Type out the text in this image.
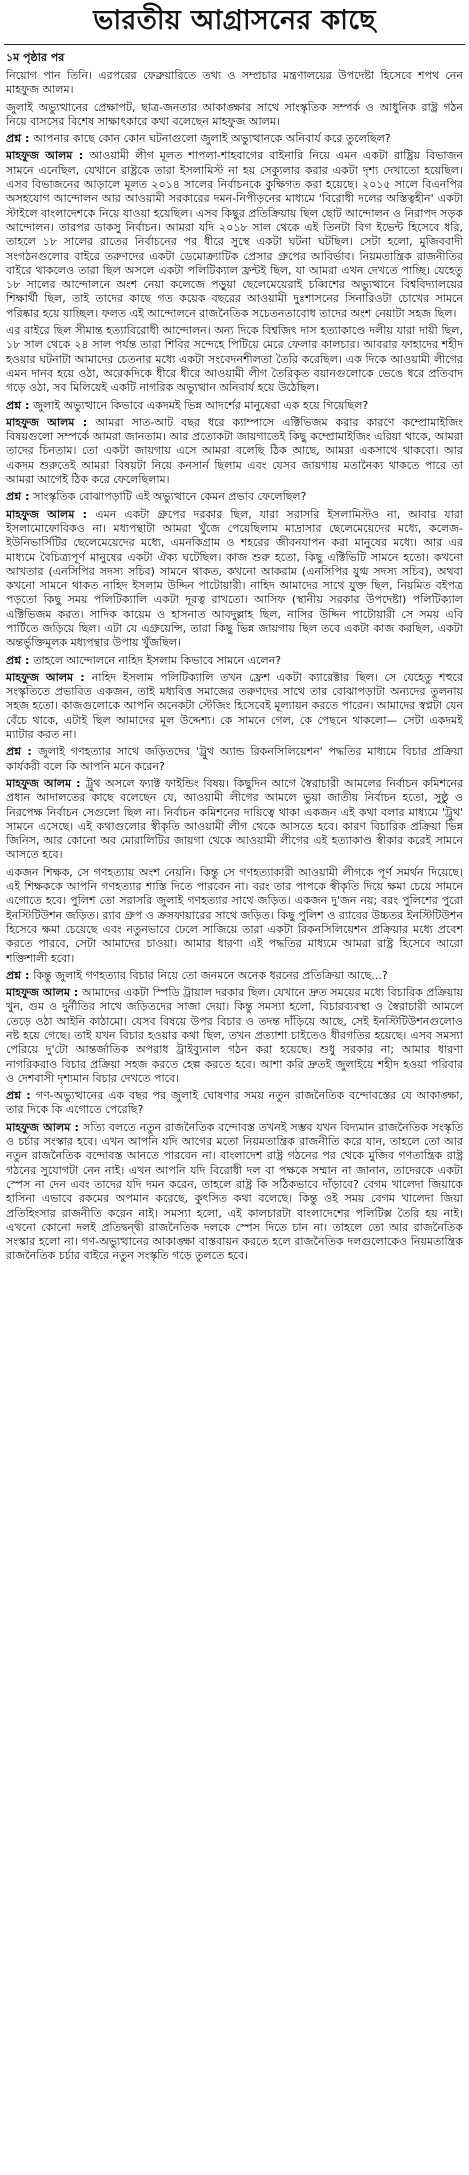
ভারতীয় আগ্রাসনের কাছে
১ম পৃষ্ঠার পর

নিয়োগ পান তিনি। এরপরের ফেব্রুয়ারিতে তথ্য ও সম্প্রচার মন্ত্রণালয়ের উপদেষ্টা হিসেবে শপথ নেন মাহফুজ আলম।

জুলাই অভ্যুত্থানের প্রেক্ষাপট, ছাত্র-জনতার আকাঙ্ক্ষার সাথে সাংস্কৃতিক সম্পর্ক ও আধুনিক রাষ্ট্র গঠন নিয়ে বাসসের বিশেষ সাক্ষাৎকারে কথা বলেছেন মাহফুজ আলম।

প্রশ্ন : আপনার কাছে কোন কোন ঘটনাগুলো জুলাই অভ্যুত্থানকে অনিবার্য করে তুলেছিল?

মাহফুজ আলম : আওয়ামী লীগ মূলত শাপলা-শাহবাগের বাইনারি নিয়ে এমন একটা রাষ্ট্রিয় বিভাজন সামনে এনেছিল, যেখানে রাষ্ট্রকে তারা ইসলামিস্ট না হয় সেক্যুলার করার একটা দৃশ্য দেখাতো হয়েছিল। এসব বিভাজনের আড়ালে মূলত ২০১৪ সালের নির্বাচনকে কুক্ষিগত করা হয়েছে। ২০১৫ সালে বিএনপির অসহযোগ আন্দোলন আর আওয়ামী সরকারের দমন-নিপীড়নের মাধ্যমে 'বিরোধী দলের অস্তিত্বহীন' একটা স্টাইলে বাংলাদেশকে নিয়ে যাওয়া হয়েছিল। এসব কিছুর প্রতিক্রিয়ায় ছিল ছোট আন্দোলন ও নিরাপদ সড়ক আন্দোলন। তারপর ডাকসু নির্বাচন। আমরা যদি ২০১৮ সাল থেকে এই তিনটা বিগ ইভেন্ট হিসেবে ধরি, তাহলে ১৮ সালের রাতের নির্বাচনের পর ধীরে সুস্থে একটা ঘটনা ঘটছিল। সেটা হলো, মুজিববাদী সংগঠনগুলোর বাইরে তরুণদের একটা ডেমোক্র্যাটিক প্রেসার গ্রুপের আবির্ভাব। নিয়মতান্ত্রিক রাজনীতির বাইরে থাকলেও তারা ছিল অসলে একটা পলিটিক্যাল ফ্রন্টই ছিল, যা আমরা এখন দেখতে পাচ্ছি। যেহেতু ১৮ সালের আন্দোলনে অংশ নেয়া কলেজে পড়ুয়া ছেলেমেয়েরাই চব্বিশের অভ্যুত্থানে বিশ্ববিদ্যালয়ের শিক্ষার্থী ছিল, তাই তাদের কাছে গত কয়েক বছরের আওয়ামী দুঃশাসনের সিনারিওটা চোখের সামনে পরিষ্কার হয়ে যাচ্ছিল। ফলত এই আন্দোলনে রাজনৈতিক সচেতনতাবোধ তাদের অংশ নেয়াটা সহজ ছিল।

এর বাইরে ছিল সীমান্ত হত্যাবিরোধী আন্দোলন। অন্য দিকে বিশ্বজিৎ দাস হত্যাকাণ্ডে দলীয় যারা দায়ী ছিল, ১৮ সাল থেকে ২৪ সাল পর্যন্ত তারা শিবির সন্দেহে পিটিয়ে মেরে ফেলার কালচার। আবরার ফাহাদের শহীদ হওয়ার ঘটনাটা আমাদের চেতনার মধ্যে একটা সংবেদনশীলতা তৈরি করেছিল। এক দিকে আওয়ামী লীগের এমন দানব হয়ে ওঠা, অরেকদিকে ধীরে ধীরে আওয়ামী লীগ তৈরিকৃত বয়ানগুলোকে ভেঙে ধরে প্রতিবাদ গড়ে ওঠা, সব মিলিয়েই একটি নাগরিক অভ্যুত্থান অনিবার্য হয়ে উঠেছিল।

প্রশ্ন : জুলাই অভ্যুত্থানে কিভাবে একদমই ভিন্ন আদর্শের মানুষেরা এক হয়ে গিয়েছিল?

মাহফুজ আলম : আমরা সাত-আট বছর ধরে ক্যাম্পাসে এক্টিভিজম করার কারণে কম্প্রোমাইজিং বিষয়গুলো সম্পর্কে আমরা জানতাম। আর প্রত্যেকটা জায়গাতেই কিছু কম্প্রোমাইজিং এরিয়া থাকে, আমরা তাদের চিনতাম। তো একটা জায়গায় এসে আমরা বলেছি ঠিক আছে, আমরা একসাথে থাকবো। আর একদম শুরুতেই আমরা বিষয়টা নিয়ে কনসার্ন ছিলাম এবং যেসব জায়গায় মতানৈক্য থাকতে পারে তা আমরা আগেই ঠিক করে ফেলেছিলাম।

প্রশ্ন : সাংস্কৃতিক বোঝাপড়াটি এই অভ্যুত্থানে কেমন প্রভাব ফেলেছিল?

মাহফুজ আলম : এমন একটা গ্রুপের দরকার ছিল, যারা সরাসরি ইসলামিস্টও না, আবার যারা ইসলামোফোবিকও না। মধ্যপন্থাটা আমরা খুঁজে পেয়েছিলাম মাদ্রাসার ছেলেমেয়েদের মধ্যে, কলেজ-ইউনিভার্সিটির ছেলেমেয়েদের মধ্যে, এমনকিগ্রাম ও শহরের জীবনযাপন করা মানুষের মধ্যে। আর এর মাধ্যমে বৈচিত্র্যপূর্ণ মানুষের একটা ঐক্য ঘটেছিল। কাজ শুরু হতো, কিছু এক্টিভিটি সামনে হতো। কখনো আখতার (এনসিপির সদস্য সচিব) সামনে থাকত, কখনো আকরাম (এনসিপির যুগ্ম সদস্য সচিব), অথবা কখনো সামনে থাকত নাহিদ ইসলাম উদ্দিন পাটোয়ারী। নাহিদ আমাদের সাথে যুক্ত ছিল, নিয়মিত বইপত্র পড়তো কিছু সময় পলিটিক্যালি একটা দূরত্ব রাখতো। আসিফ (স্থানীয় সরকার উপদেষ্টা) পলিটিক্যাল এক্টিভিজম করত। সাদিক কায়েম ও হাসনাত আবদুল্লাহ ছিল, নাসির উদ্দিন পাটোয়ারী সে সময় এবি পার্টিতে জড়িয়ে ছিল। এটা যে এগ্রুয়েন্সি, তারা কিছু ভিন্ন জায়গায় ছিল তবে একটা কাজ করছিল, একটা অন্তর্ভুক্তিমূলক মধ্যপন্থার উপায় খুঁজছিল।

প্রশ্ন : তাহলে আন্দোলনে নাহিদ ইসলাম কিভাবে সামনে এলেন?

মাহফুজ আলম : নাহিদ ইসলাম পলিটিক্যালি তখন ফ্রেশ একটা ক্যারেক্টার ছিল। সে যেহেতু শহুরে সংস্কৃতিতে প্রভাবিত একজন, তাই মধ্যবিত্ত সমাজের তরুণদের সাথে তার বোঝাপড়াটা অন্যদের তুলনায় সহজ হতো। কাজগুলোকে আপনি অনেকটা স্টেজিং হিসেবেই মূল্যায়ন করতে পারেন। আমাদের স্বপ্নটা যেন বেঁচে থাকে, এটাই ছিল আমাদের মূল উদ্দেশ্য। কে সামনে গেল, কে পেছনে থাকলো— সেটা একদমই ম্যাটার করত না।

প্রশ্ন : জুলাই গণহত্যার সাথে জড়িতদের 'ট্রুথ অ্যান্ড রিকনসিলিয়েশন' পদ্ধতির মাধ্যমে বিচার প্রক্রিয়া কার্যকরী বলে কি আপনি মনে করেন?

মাহফুজ আলম : ট্রুথ অসলে ফ্যাক্ট ফাইন্ডিং বিষয়। কিছুদিন আগে স্বৈরাচারী আমলের নির্বাচন কমিশনের প্রধান আদালতের কাছে বলেছেন যে, আওয়ামী লীগের আমলে ভুয়া জাতীয় নির্বাচন হতো, সুষ্ঠু ও নিরপেক্ষ নির্বাচন সেগুলো ছিল না। নির্বাচন কমিশনের দায়িত্বে থাকা একজন এই কথা বলার মাধ্যমে 'ট্রুথ' সামনে এসেছে। এই কথাগুলোর স্বীকৃতি আওয়ামী লীগ থেকে আসতে হবে। কারণ বিচারিক প্রক্রিয়া ভিন্ন জিনিস, আর কোনো অব মোরালিটির জায়গা থেকে আওয়ামী লীগের এই হত্যাকাণ্ড স্বীকার করেই সামনে আসতে হবে।

একজন শিক্ষক, সে গণহত্যায় অংশ নেয়নি। কিন্তু সে গণহত্যাকারী আওয়ামী লীগকে পূর্ণ সমর্থন দিয়েছে। এই শিক্ষককে আপনি গণহত্যার শাস্তি দিতে পারবেন না। বরং তার পাপকে স্বীকৃতি দিয়ে ক্ষমা চেয়ে সামনে এগোতে হবে। পুলিশ তো সরাসরি জুলাই গণহত্যার সাথে জড়িত। একজন দু'জন নয়; বরং পুলিশের পুরো ইনস্টিটিউশন জড়িত। র‍্যাব গ্রুপ ও ক্রসফায়ারের সাথে জড়িত। কিছু পুলিশ ও র‍্যাবের উচ্চতর ইনস্টিটিউশন হিসেবে ক্ষমা চেয়েছে এবং নতুনভাবে ঢেলে সাজিয়ে তারা একটা রিকনসিলিয়েশন প্রক্রিয়ার মধ্যে প্রবেশ করতে পারবে, সেটা আমাদের চাওয়া। আমার ধারণা এই পদ্ধতির মাধ্যমে আমরা রাষ্ট্র হিসেবে আরো শক্তিশালী হবো।

প্রশ্ন : কিন্তু জুলাই গণহত্যার বিচার নিয়ে তো জনমনে অনেক ধরনের প্রতিক্রিয়া আছে...?

মাহফুজ আলম : আমাদের একটা স্পিডি ট্রায়াল দরকার ছিল। যেখানে দ্রুত সময়ের মধ্যে বিচারিক প্রক্রিয়ায় খুন, গুম ও দুর্নীতির সাথে জড়িতদের সাজা দেয়া। কিন্তু সমস্যা হলো, বিচারব্যবস্থা ও স্বৈরাচারী আমলে তেড়ে ওঠা আইনি কাঠামো। যেসব বিষয়ে উপর বিচার ও তদন্ত দাঁড়িয়ে আছে, সেই ইনস্টিটিউশনগুলোও নষ্ট হয়ে গেছে। তাই যখন বিচার হওয়ার কথা ছিল, তখন প্রত্যাশা চাইতেও ধীরগতির হয়েছে। এসব সমস্যা পেরিয়ে দু'টো আন্তর্জাতিক অপরাধ ট্রাইব্যুনাল গঠন করা হয়েছে। শুধু সরকার না; আমার ধারণা নাগরিকরাও বিচার প্রক্রিয়া সহজ করতে হেল্প করতে হবে। আশা করি দ্রুতই জুলাইয়ে শহীদ হওয়া পরিবার ও দেশবাসী দৃশ্যমান বিচার দেখতে পাবে।

প্রশ্ন : গণ-অভ্যুত্থানের এক বছর পর জুলাই ঘোষণার সময় নতুন রাজনৈতিক বন্দোবস্তের যে আকাঙ্ক্ষা, তার দিকে কি এগোতে পেরেছি?

মাহফুজ আলম : সত্যি বলতে নতুন রাজনৈতিক বন্দোবস্ত তখনই সম্ভব যখন বিদ্যমান রাজনৈতিক সংস্কৃতি ও চর্চার সংস্কার হবে। এখন আপনি যদি আগের মতো নিয়মতান্ত্রিক রাজনীতি করে যান, তাহলে তো আর নতুন রাজনৈতিক বন্দোবস্ত আনতে পারবেন না। বাংলাদেশ রাষ্ট্র গঠনের পর থেকে মুজিব গণতান্ত্রিক রাষ্ট্র গঠনের সুযোগটা নেন নাই। এখন আপনি যদি বিরোধী দল বা পক্ষকে সম্মান না জানান, তাদেরকে একটা স্পেস না দেন এবং তাদের যদি দমন করেন, তাহলে রাষ্ট্র কি সঠিকভাবে দাঁড়াবে? বেগম খালেদা জিয়াকে হাসিনা এভাবে রকমের অপমান করেছে, কুৎসিত কথা বলেছে। কিন্তু ওই সময় বেগম খালেদা জিয়া প্রতিহিংসার রাজনীতি করেন নাই। সমস্যা হলো, এই কালচারটা বাংলাদেশের পলিটিক্স তৈরি হয় নাই। এখনো কোনো দলই প্রতিদ্বন্দ্বী রাজনৈতিক দলকে স্পেস দিতে চান না। তাহলে তো আর রাজনৈতিক সংস্কার হলো না। গণ-অভ্যুত্থানের আকাঙ্ক্ষা বাস্তবায়ন করতে হলে রাজনৈতিক দলগুলোকেও নিয়মতান্ত্রিক রাজনৈতিক চর্চার বাইরে নতুন সংস্কৃতি গড়ে তুলতে হবে।
